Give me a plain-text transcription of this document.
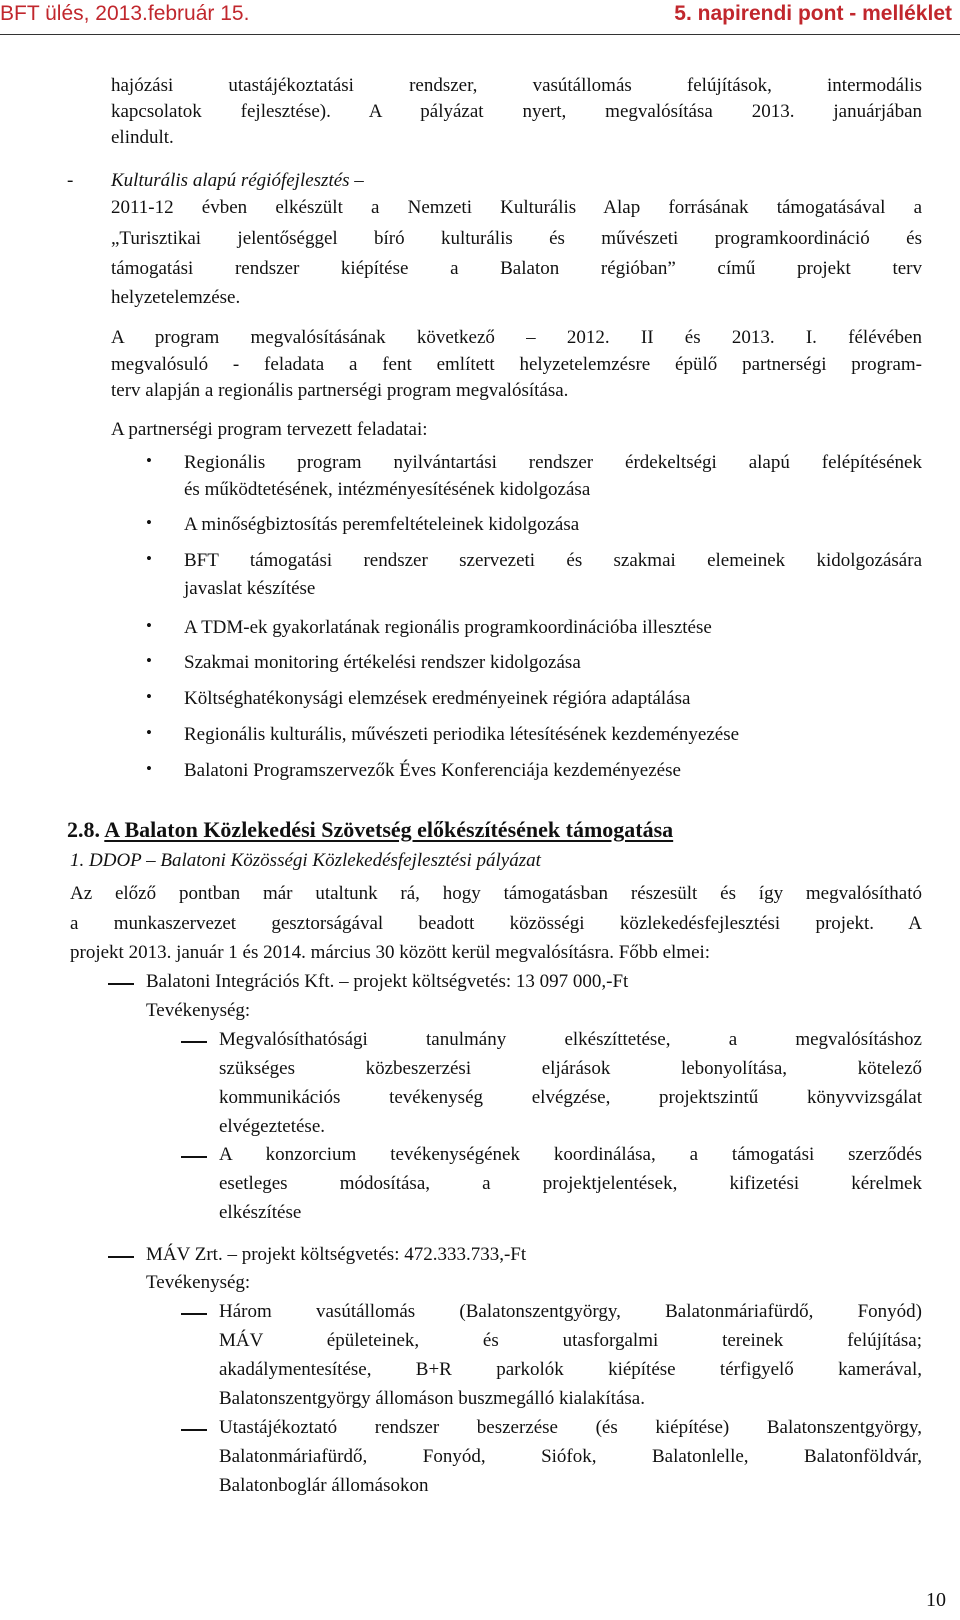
BFT ülés, 2013.február 15.	5. napirendi pont - melléklet
hajózási utastájékoztatási rendszer, vasútállomás felújítások, intermodális
kapcsolatok fejlesztése). A pályázat nyert, megvalósítása 2013. januárjában
elindult.
- Kulturális alapú régiófejlesztés –
2011-12 évben elkészült a Nemzeti Kulturális Alap forrásának támogatásával a
„Turisztikai jelentőséggel bíró kulturális és művészeti programkoordináció és
támogatási rendszer kiépítése a Balaton régióban” című projekt terv
helyzetelemzése.
A program megvalósításának következő – 2012. II és 2013. I. félévében
megvalósuló - feladata a fent említett helyzetelemzésre épülő partnerségi program-
terv alapján a regionális partnerségi program megvalósítása.
A partnerségi program tervezett feladatai:
• Regionális program nyilvántartási rendszer érdekeltségi alapú felépítésének
és működtetésének, intézményesítésének kidolgozása
• A minőségbiztosítás peremfeltételeinek kidolgozása
• BFT támogatási rendszer szervezeti és szakmai elemeinek kidolgozására
javaslat készítése
• A TDM-ek gyakorlatának regionális programkoordinációba illesztése
• Szakmai monitoring értékelési rendszer kidolgozása
• Költséghatékonysági elemzések eredményeinek régióra adaptálása
• Regionális kulturális, művészeti periodika létesítésének kezdeményezése
• Balatoni Programszervezők Éves Konferenciája kezdeményezése
2.8. A Balaton Közlekedési Szövetség előkészítésének támogatása
1. DDOP – Balatoni Közösségi Közlekedésfejlesztési pályázat
Az előző pontban már utaltunk rá, hogy támogatásban részesült és így megvalósítható
a munkaszervezet gesztorságával beadott közösségi közlekedésfejlesztési projekt. A
projekt 2013. január 1 és 2014. március 30 között kerül megvalósításra. Főbb elmei:
Balatoni Integrációs Kft. – projekt költségvetés: 13 097 000,-Ft
Tevékenység:
Megvalósíthatósági tanulmány elkészíttetése, a megvalósításhoz
szükséges közbeszerzési eljárások lebonyolítása, kötelező
kommunikációs tevékenység elvégzése, projektszintű könyvvizsgálat
elvégeztetése.
A konzorcium tevékenységének koordinálása, a támogatási szerződés
esetleges módosítása, a projektjelentések, kifizetési kérelmek
elkészítése
MÁV Zrt. – projekt költségvetés: 472.333.733,-Ft
Tevékenység:
Három vasútállomás (Balatonszentgyörgy, Balatonmáriafürdő, Fonyód)
MÁV épületeinek, és utasforgalmi tereinek felújítása;
akadálymentesítése, B+R parkolók kiépítése térfigyelő kamerával,
Balatonszentgyörgy állomáson buszmegálló kialakítása.
Utastájékoztató rendszer beszerzése (és kiépítése) Balatonszentgyörgy,
Balatonmáriafürdő, Fonyód, Siófok, Balatonlelle, Balatonföldvár,
Balatonboglár állomásokon
10
